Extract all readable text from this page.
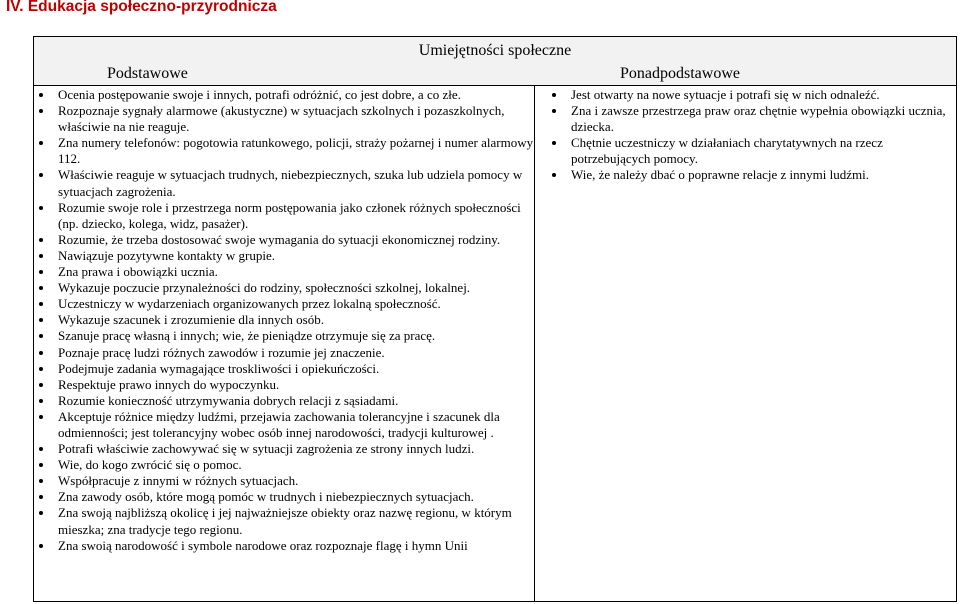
IV. Edukacja społeczno-przyrodnicza
Umiejętności społeczne
Podstawowe	Ponadpodstawowe
Ocenia postępowanie swoje i innych, potrafi odróżnić, co jest dobre, a co złe.
Rozpoznaje sygnały alarmowe (akustyczne) w sytuacjach szkolnych i pozaszkolnych, właściwie na nie reaguje.
Zna numery telefonów: pogotowia ratunkowego, policji, straży pożarnej i numer alarmowy 112.
Właściwie reaguje w sytuacjach trudnych, niebezpiecznych, szuka lub udziela pomocy w sytuacjach zagrożenia.
Rozumie swoje role i przestrzega norm postępowania jako członek różnych społeczności (np. dziecko, kolega, widz, pasażer).
Rozumie, że trzeba dostosować swoje wymagania do sytuacji ekonomicznej rodziny.
Nawiązuje pozytywne kontakty w grupie.
Zna prawa i obowiązki ucznia.
Wykazuje poczucie przynależności do rodziny, społeczności szkolnej, lokalnej.
Uczestniczy w wydarzeniach organizowanych przez lokalną społeczność.
Wykazuje szacunek i zrozumienie dla innych osób.
Szanuje pracę własną i innych; wie, że pieniądze otrzymuje się za pracę.
Poznaje pracę ludzi różnych zawodów i rozumie jej znaczenie.
Podejmuje zadania wymagające troskliwości i opiekuńczości.
Respektuje prawo innych do wypoczynku.
Rozumie konieczność utrzymywania dobrych relacji z sąsiadami.
Akceptuje różnice między ludźmi, przejawia zachowania tolerancyjne i szacunek dla odmienności; jest tolerancyjny wobec osób innej narodowości, tradycji kulturowej .
Potrafi właściwie zachowywać się w sytuacji zagrożenia ze strony innych ludzi.
Wie, do kogo zwrócić się o pomoc.
Współpracuje z innymi w różnych sytuacjach.
Zna zawody osób, które mogą pomóc w trudnych i niebezpiecznych sytuacjach.
Zna swoją najbliższą okolicę i jej najważniejsze obiekty oraz nazwę regionu, w którym mieszka; zna tradycje tego regionu.
Zna swoią narodowość i symbole narodowe oraz rozpoznaje flagę i hymn Unii
Jest otwarty na nowe sytuacje i potrafi się w nich odnaleźć.
Zna i zawsze przestrzega praw oraz chętnie wypełnia obowiązki ucznia, dziecka.
Chętnie uczestniczy w działaniach charytatywnych na rzecz potrzebujących pomocy.
Wie, że należy dbać o poprawne relacje z innymi ludźmi.
